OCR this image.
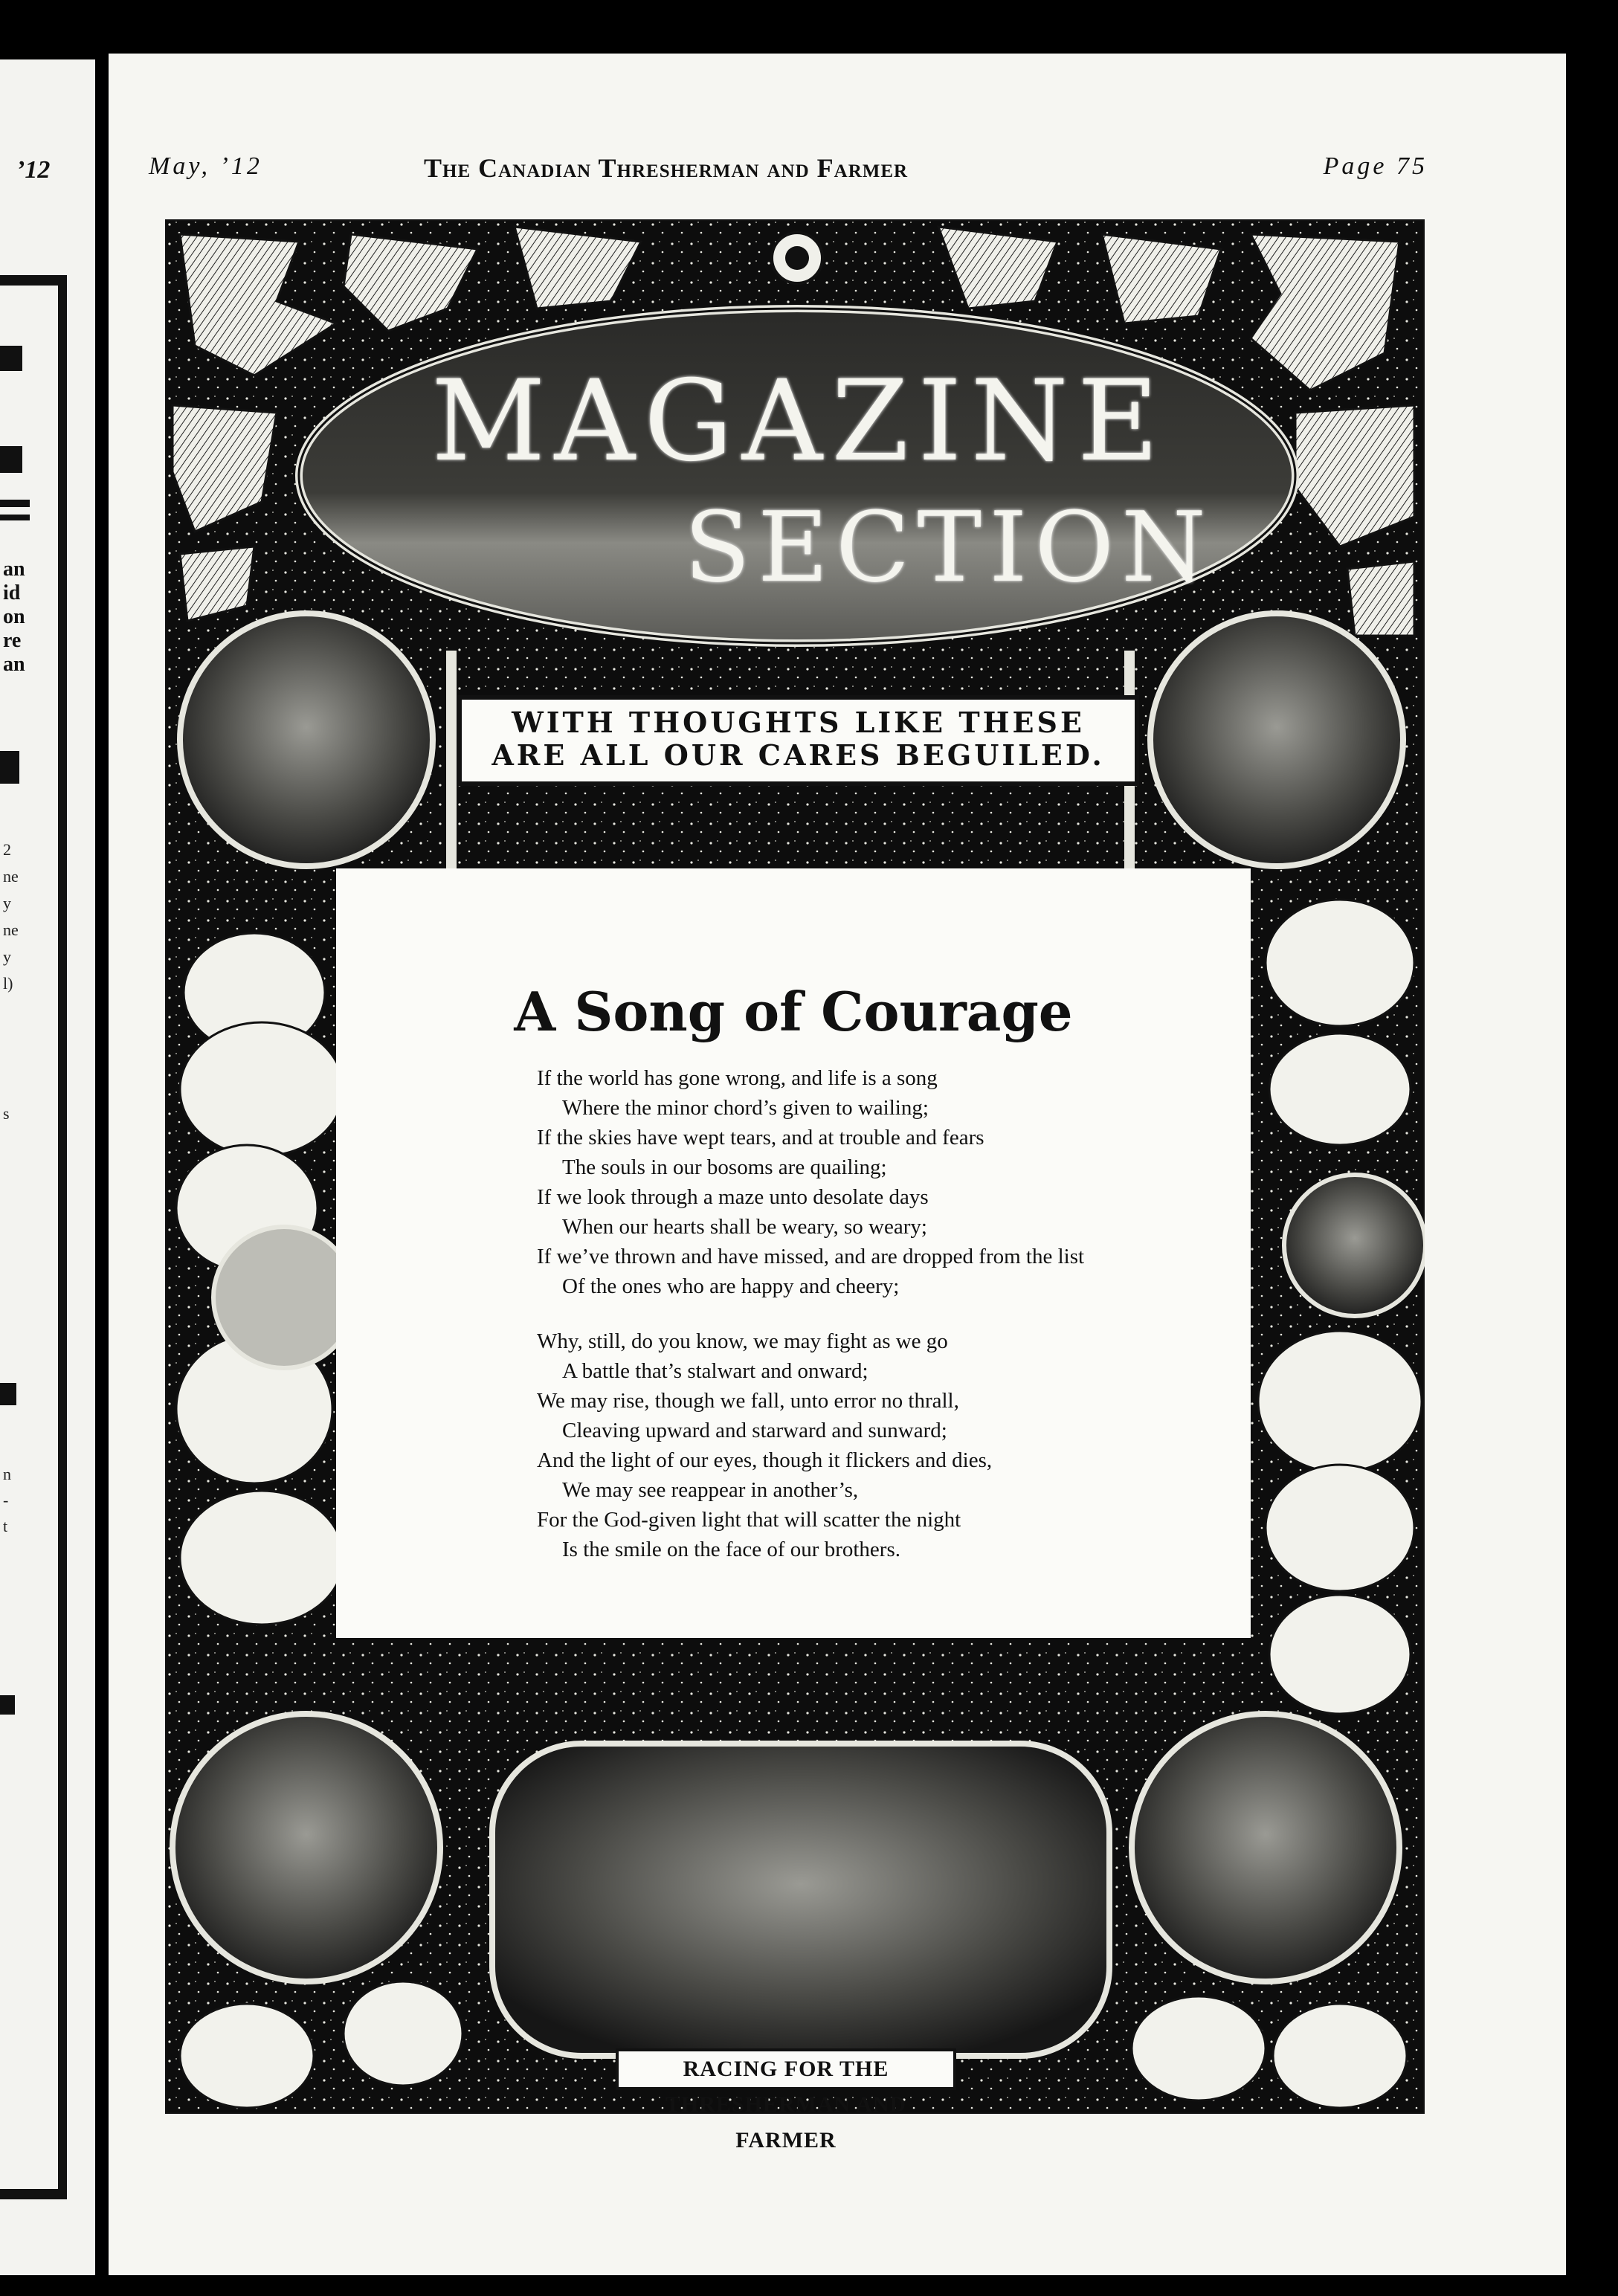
’12
an
id
on
re
an
2
ne
y
ne
y
l)
s
n
-
t
May, ’12	The Canadian Thresherman and Farmer	Page 75
MAGAZINE
SECTION
WITH THOUGHTS LIKE THESE
ARE ALL OUR CARES BEGUILED.
A Song of Courage
If the world has gone wrong, and life is a song
Where the minor chord’s given to wailing;
If the skies have wept tears, and at trouble and fears
The souls in our bosoms are quailing;
If we look through a maze unto desolate days
When our hearts shall be weary, so weary;
If we’ve thrown and have missed, and are dropped from the list
Of the ones who are happy and cheery;
Why, still, do you know, we may fight as we go
A battle that’s stalwart and onward;
We may rise, though we fall, unto error no thrall,
Cleaving upward and starward and sunward;
And the light of our eyes, though it flickers and dies,
We may see reappear in another’s,
For the God-given light that will scatter the night
Is the smile on the face of our brothers.
RACING FOR THE THRESHERMAN AND FARMER
